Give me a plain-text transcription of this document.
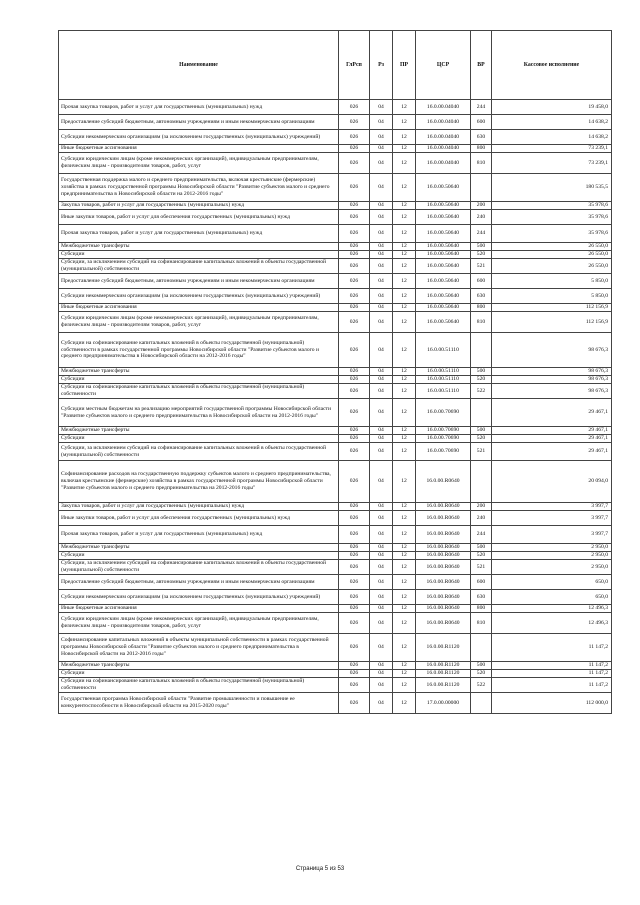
Наименование	ГлРсп	Рз	ПР	ЦСР	ВР	Кассовое исполнение
Прочая закупка товаров, работ и услуг для государственных (муниципальных) нужд	026	04	12	16.0.00.04040	244	19 458,0
Предоставление субсидий бюджетным, автономным учреждениям и иным некоммерческим организациям	026	04	12	16.0.00.04040	600	14 638,2
Субсидии некоммерческим организациям (за исключением государственных (муниципальных) учреждений)	026	04	12	16.0.00.04040	630	14 638,2
Иные бюджетные ассигнования	026	04	12	16.0.00.04040	800	73 239,1
Субсидии юридическим лицам (кроме некоммерческих организаций), индивидуальным предпринимателям, физическим лицам - производителям товаров, работ, услуг	026	04	12	16.0.00.04040	810	73 239,1
Государственная поддержка малого и среднего предпринимательства, включая крестьянские (фермерские) хозяйства в рамках государственной программы Новосибирской области "Развитие субъектов малого и среднего предпринимательства в Новосибирской области на 2012-2016 годы"	026	04	12	16.0.00.50640		180 535,5
Закупка товаров, работ и услуг для государственных (муниципальных) нужд	026	04	12	16.0.00.50640	200	35 978,6
Иные закупки товаров, работ и услуг для обеспечения государственных (муниципальных) нужд	026	04	12	16.0.00.50640	240	35 978,6
Прочая закупка товаров, работ и услуг для государственных (муниципальных) нужд	026	04	12	16.0.00.50640	244	35 978,6
Межбюджетные трансферты	026	04	12	16.0.00.50640	500	26 550,0
Субсидии	026	04	12	16.0.00.50640	520	26 550,0
Субсидии, за исключением субсидий на софинансирование капитальных вложений в объекты государственной (муниципальной) собственности	026	04	12	16.0.00.50640	521	26 550,0
Предоставление субсидий бюджетным, автономным учреждениям и иным некоммерческим организациям	026	04	12	16.0.00.50640	600	5 850,0
Субсидии некоммерческим организациям (за исключением государственных (муниципальных) учреждений)	026	04	12	16.0.00.50640	630	5 850,0
Иные бюджетные ассигнования	026	04	12	16.0.00.50640	800	112 156,9
Субсидии юридическим лицам (кроме некоммерческих организаций), индивидуальным предпринимателям, физическим лицам - производителям товаров, работ, услуг	026	04	12	16.0.00.50640	810	112 156,9
Субсидии на софинансирование капитальных вложений в объекты государственной (муниципальной) собственности в рамках государственной программы Новосибирской области "Развитие субъектов малого и среднего предпринимательства в Новосибирской области на 2012-2016 годы"	026	04	12	16.0.00.51110		98 676,3
Межбюджетные трансферты	026	04	12	16.0.00.51110	500	98 676,3
Субсидии	026	04	12	16.0.00.51110	520	98 676,3
Субсидии на софинансирование капитальных вложений в объекты государственной (муниципальной) собственности	026	04	12	16.0.00.51110	522	98 676,3
Субсидии местным бюджетам на реализацию мероприятий государственной программы Новосибирской области "Развитие субъектов малого и среднего предпринимательства в Новосибирской области на 2012-2016 годы"	026	04	12	16.0.00.70690		29 467,1
Межбюджетные трансферты	026	04	12	16.0.00.70690	500	29 467,1
Субсидии	026	04	12	16.0.00.70690	520	29 467,1
Субсидии, за исключением субсидий на софинансирование капитальных вложений в объекты государственной (муниципальной) собственности	026	04	12	16.0.00.70690	521	29 467,1
Софинансирование расходов на государственную поддержку субъектов малого и среднего предпринимательства, включая крестьянские (фермерские) хозяйства в рамках государственной программы Новосибирской области "Развитие субъектов малого и среднего предпринимательства на 2012-2016 годы"	026	04	12	16.0.00.R0640		20 094,0
Закупка товаров, работ и услуг для государственных (муниципальных) нужд	026	04	12	16.0.00.R0640	200	3 997,7
Иные закупки товаров, работ и услуг для обеспечения государственных (муниципальных) нужд	026	04	12	16.0.00.R0640	240	3 997,7
Прочая закупка товаров, работ и услуг для государственных (муниципальных) нужд	026	04	12	16.0.00.R0640	244	3 997,7
Межбюджетные трансферты	026	04	12	16.0.00.R0640	500	2 950,0
Субсидии	026	04	12	16.0.00.R0640	520	2 950,0
Субсидии, за исключением субсидий на софинансирование капитальных вложений в объекты государственной (муниципальной) собственности	026	04	12	16.0.00.R0640	521	2 950,0
Предоставление субсидий бюджетным, автономным учреждениям и иным некоммерческим организациям	026	04	12	16.0.00.R0640	600	650,0
Субсидии некоммерческим организациям (за исключением государственных (муниципальных) учреждений)	026	04	12	16.0.00.R0640	630	650,0
Иные бюджетные ассигнования	026	04	12	16.0.00.R0640	800	12 496,3
Субсидии юридическим лицам (кроме некоммерческих организаций), индивидуальным предпринимателям, физическим лицам - производителям товаров, работ, услуг	026	04	12	16.0.00.R0640	810	12 496,3
Софинансирование капитальных вложений в объекты муниципальной собственности в рамках государственной программы Новосибирской области "Развитие субъектов малого и среднего предпринимательства в Новосибирской области на 2012-2016 годы"	026	04	12	16.0.00.R1120		11 147,2
Межбюджетные трансферты	026	04	12	16.0.00.R1120	500	11 147,2
Субсидии	026	04	12	16.0.00.R1120	520	11 147,2
Субсидии на софинансирование капитальных вложений в объекты государственной (муниципальной) собственности	026	04	12	16.0.00.R1120	522	11 147,2
Государственная программа Новосибирской области "Развитие промышленности и повышение ее конкурентоспособности в Новосибирской области на 2015-2020 годы"	026	04	12	17.0.00.00000		112 000,0
Страница 5 из 53
